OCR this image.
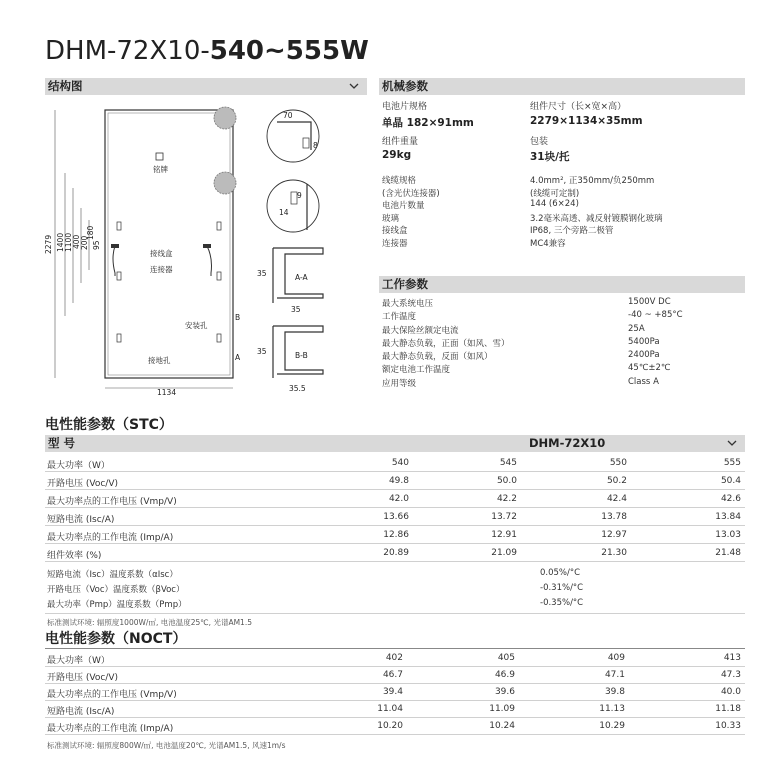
DHM-72X10-540~555W
结构图
铭牌
接线盒
连接器
安装孔
接地孔
2279 1400 1100 400 200
1134
A
B
70
8
14
9
A-A
35
35
B-B
35
35.5
180
95
机械参数
电池片规格
单晶 182×91mm
组件尺寸（长×宽×高）
2279×1134×35mm
组件重量
29kg
包装
31块/托
线缆规格	4.0mm², 正350mm/负250mm
(含光伏连接器)	(线缆可定制)
电池片数量	144 (6×24)
玻璃	3.2毫米高透、减反射镀膜钢化玻璃
接线盒	IP68, 三个旁路二极管
连接器	MC4兼容
工作参数
最大系统电压	1500V DC
工作温度	-40 ~ +85°C
最大保险丝额定电流	25A
最大静态负载，正面（如风、雪）	5400Pa
最大静态负载，反面（如风）	2400Pa
额定电池工作温度	45℃±2℃
应用等级	Class A
电性能参数（STC）
型 号	DHM-72X10
最大功率（W）	540	545	550	555
开路电压 (Voc/V)	49.8	50.0	50.2	50.4
最大功率点的工作电压 (Vmp/V)	42.0	42.2	42.4	42.6
短路电流 (Isc/A)	13.66	13.72	13.78	13.84
最大功率点的工作电流 (Imp/A)	12.86	12.91	12.97	13.03
组件效率 (%)	20.89	21.09	21.30	21.48
短路电流（Isc）温度系数（αIsc）	0.05%/°C
开路电压（Voc）温度系数（βVoc）	-0.31%/°C
最大功率（Pmp）温度系数（Pmp）	-0.35%/°C
标准测试环境: 辐照度1000W/㎡, 电池温度25℃, 光谱AM1.5
电性能参数（NOCT）
最大功率（W）	402	405	409	413
开路电压 (Voc/V)	46.7	46.9	47.1	47.3
最大功率点的工作电压 (Vmp/V)	39.4	39.6	39.8	40.0
短路电流 (Isc/A)	11.04	11.09	11.13	11.18
最大功率点的工作电流 (Imp/A)	10.20	10.24	10.29	10.33
标准测试环境: 辐照度800W/㎡, 电池温度20℃, 光谱AM1.5, 风速1m/s
